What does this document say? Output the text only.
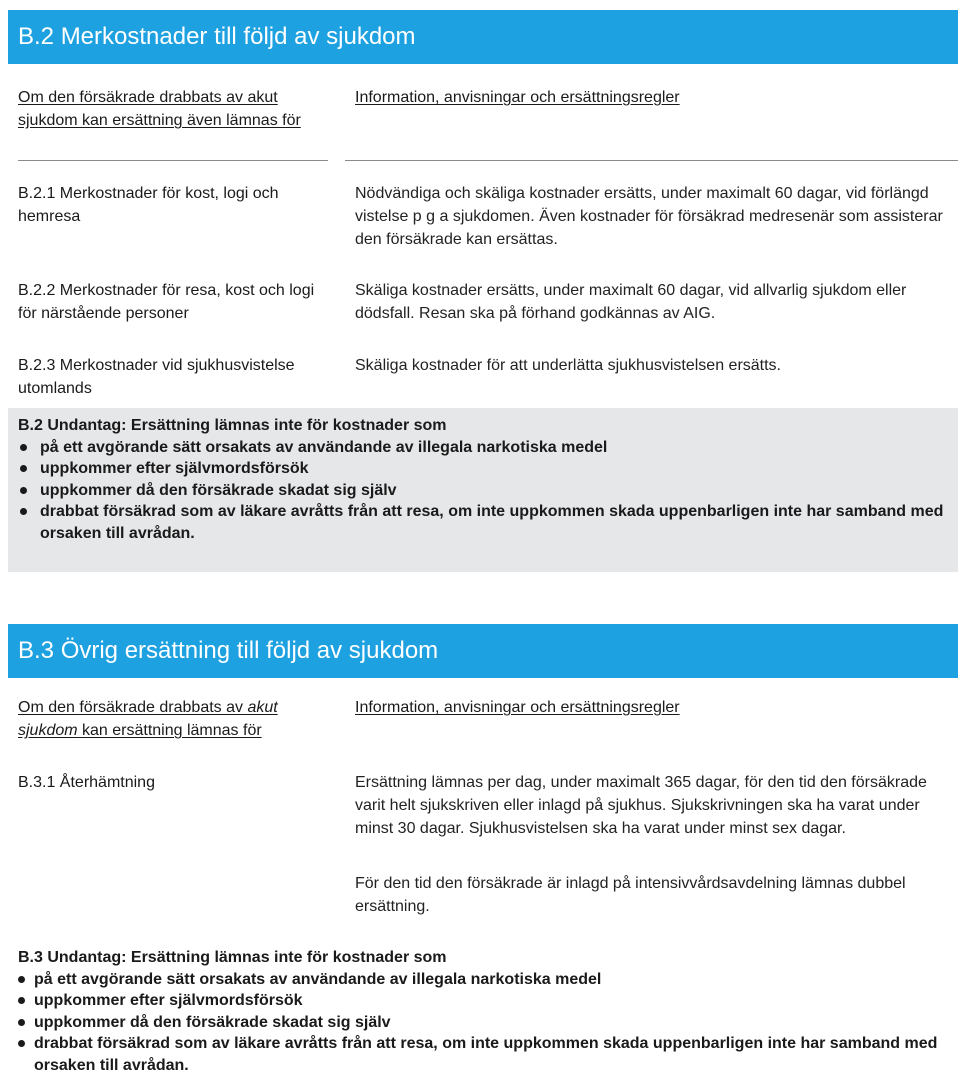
B.2 Merkostnader till följd av sjukdom
Om den försäkrade drabbats av akut sjukdom kan ersättning även lämnas för
Information, anvisningar och ersättningsregler
B.2.1 Merkostnader för kost, logi och hemresa
Nödvändiga och skäliga kostnader ersätts, under maximalt 60 dagar, vid förlängd vistelse p g a sjukdomen. Även kostnader för försäkrad medresenär som assisterar den försäkrade kan ersättas.
B.2.2 Merkostnader för resa, kost och logi för närstående personer
Skäliga kostnader ersätts, under maximalt 60 dagar, vid allvarlig sjukdom eller dödsfall. Resan ska på förhand godkännas av AIG.
B.2.3 Merkostnader vid sjukhusvistelse utomlands
Skäliga kostnader för att underlätta sjukhusvistelsen ersätts.
B.2 Undantag: Ersättning lämnas inte för kostnader som
på ett avgörande sätt orsakats av användande av illegala narkotiska medel
uppkommer efter självmordsförsök
uppkommer då den försäkrade skadat sig själv
drabbat försäkrad som av läkare avråtts från att resa, om inte uppkommen skada uppenbarligen inte har samband med orsaken till avrådan.
B.3 Övrig ersättning till följd av sjukdom
Om den försäkrade drabbats av akut sjukdom kan ersättning lämnas för
Information, anvisningar och ersättningsregler
B.3.1 Återhämtning	Ersättning lämnas per dag, under maximalt 365 dagar, för den tid den försäkrade varit helt sjukskriven eller inlagd på sjukhus. Sjukskrivningen ska ha varat under minst 30 dagar. Sjukhusvistelsen ska ha varat under minst sex dagar.
För den tid den försäkrade är inlagd på intensivvårdsavdelning lämnas dubbel ersättning.
B.3 Undantag: Ersättning lämnas inte för kostnader som
på ett avgörande sätt orsakats av användande av illegala narkotiska medel
uppkommer efter självmordsförsök
uppkommer då den försäkrade skadat sig själv
drabbat försäkrad som av läkare avråtts från att resa, om inte uppkommen skada uppenbarligen inte har samband med orsaken till avrådan.
